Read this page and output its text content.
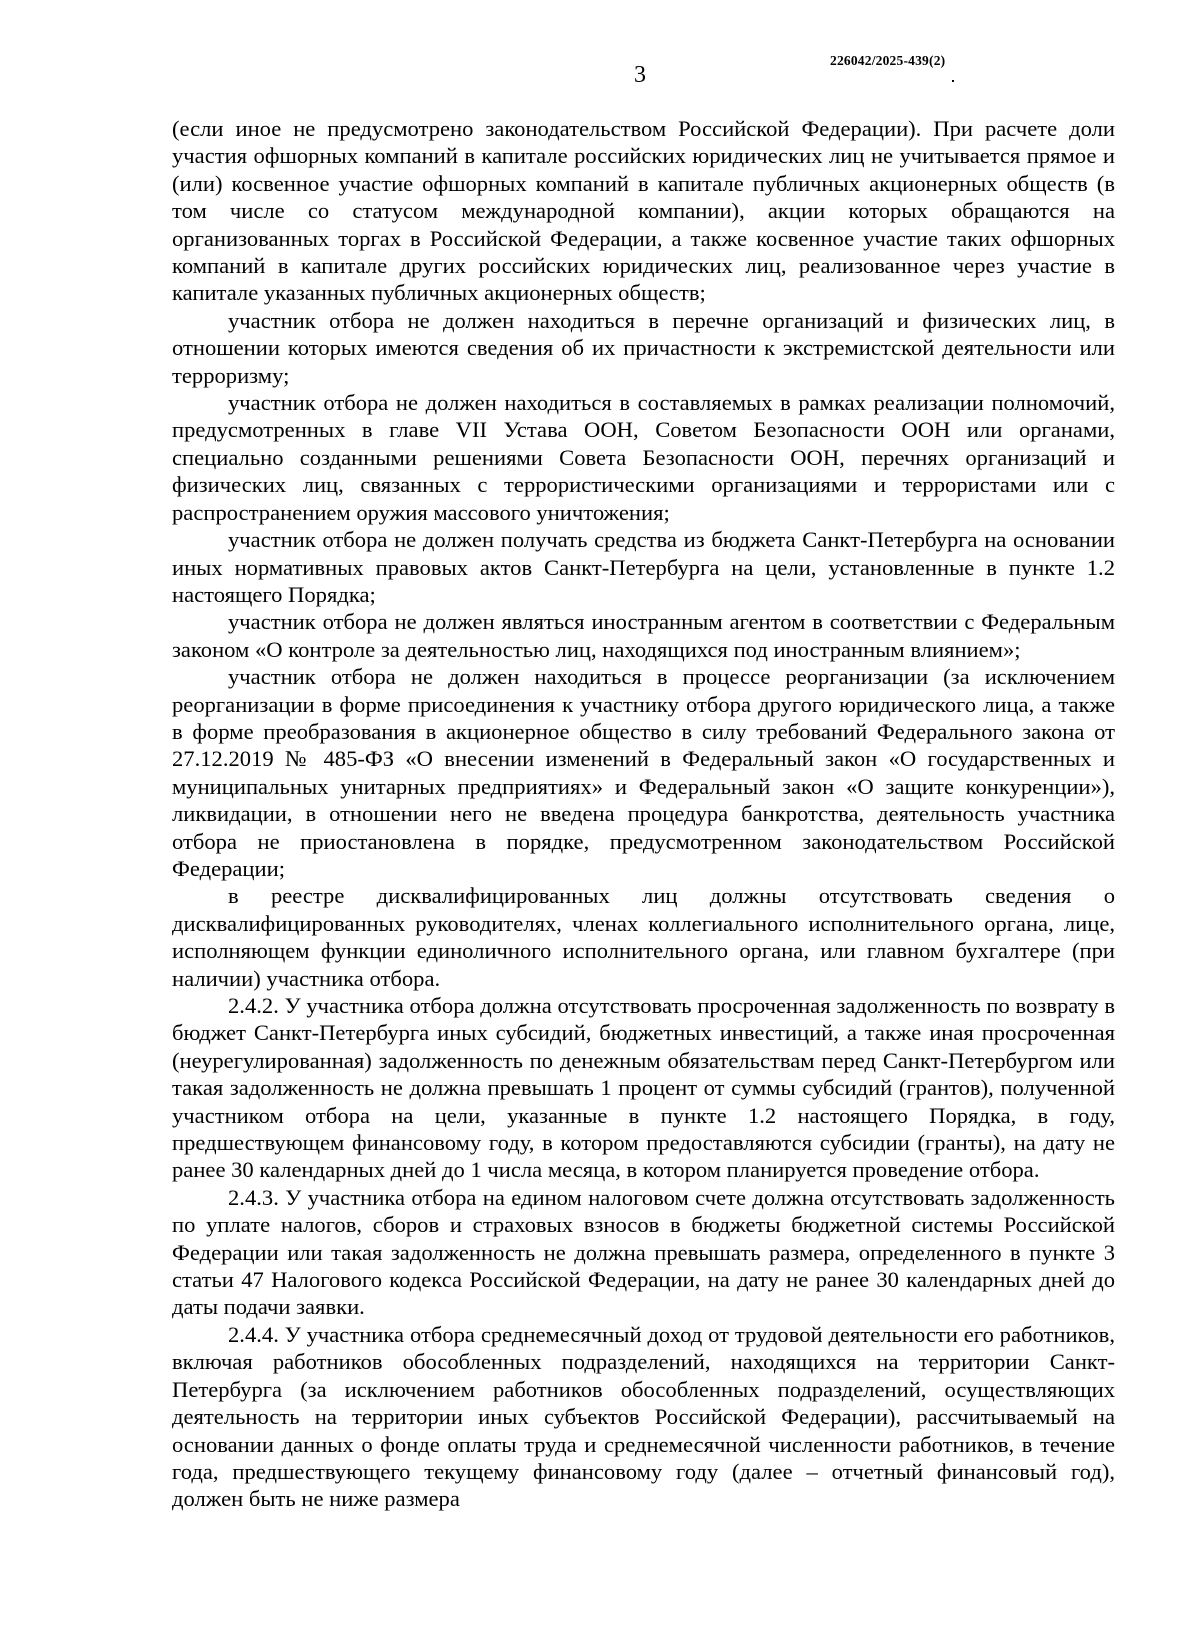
3
226042/2025-439(2)

(если иное не предусмотрено законодательством Российской Федерации). При расчете доли участия офшорных компаний в капитале российских юридических лиц не учитывается прямое и (или) косвенное участие офшорных компаний в капитале публичных акционерных обществ (в том числе со статусом международной компании), акции которых обращаются на организованных торгах в Российской Федерации, а также косвенное участие таких офшорных компаний в капитале других российских юридических лиц, реализованное через участие в капитале указанных публичных акционерных обществ;

участник отбора не должен находиться в перечне организаций и физических лиц, в отношении которых имеются сведения об их причастности к экстремистской деятельности или терроризму;

участник отбора не должен находиться в составляемых в рамках реализации полномочий, предусмотренных в главе VII Устава ООН, Советом Безопасности ООН или органами, специально созданными решениями Совета Безопасности ООН, перечнях организаций и физических лиц, связанных с террористическими организациями и террористами или с распространением оружия массового уничтожения;

участник отбора не должен получать средства из бюджета Санкт-Петербурга на основании иных нормативных правовых актов Санкт-Петербурга на цели, установленные в пункте 1.2 настоящего Порядка;

участник отбора не должен являться иностранным агентом в соответствии с Федеральным законом «О контроле за деятельностью лиц, находящихся под иностранным влиянием»;

участник отбора не должен находиться в процессе реорганизации (за исключением реорганизации в форме присоединения к участнику отбора другого юридического лица, а также в форме преобразования в акционерное общество в силу требований Федерального закона от 27.12.2019 № 485-ФЗ «О внесении изменений в Федеральный закон «О государственных и муниципальных унитарных предприятиях» и Федеральный закон «О защите конкуренции»), ликвидации, в отношении него не введена процедура банкротства, деятельность участника отбора не приостановлена в порядке, предусмотренном законодательством Российской Федерации;

в реестре дисквалифицированных лиц должны отсутствовать сведения о дисквалифицированных руководителях, членах коллегиального исполнительного органа, лице, исполняющем функции единоличного исполнительного органа, или главном бухгалтере (при наличии) участника отбора.

2.4.2. У участника отбора должна отсутствовать просроченная задолженность по возврату в бюджет Санкт-Петербурга иных субсидий, бюджетных инвестиций, а также иная просроченная (неурегулированная) задолженность по денежным обязательствам перед Санкт-Петербургом или такая задолженность не должна превышать 1 процент от суммы субсидий (грантов), полученной участником отбора на цели, указанные в пункте 1.2 настоящего Порядка, в году, предшествующем финансовому году, в котором предоставляются субсидии (гранты), на дату не ранее 30 календарных дней до 1 числа месяца, в котором планируется проведение отбора.

2.4.3. У участника отбора на едином налоговом счете должна отсутствовать задолженность по уплате налогов, сборов и страховых взносов в бюджеты бюджетной системы Российской Федерации или такая задолженность не должна превышать размера, определенного в пункте 3 статьи 47 Налогового кодекса Российской Федерации, на дату не ранее 30 календарных дней до даты подачи заявки.

2.4.4. У участника отбора среднемесячный доход от трудовой деятельности его работников, включая работников обособленных подразделений, находящихся на территории Санкт-Петербурга (за исключением работников обособленных подразделений, осуществляющих деятельность на территории иных субъектов Российской Федерации), рассчитываемый на основании данных о фонде оплаты труда и среднемесячной численности работников, в течение года, предшествующего текущему финансовому году (далее – отчетный финансовый год), должен быть не ниже размера
